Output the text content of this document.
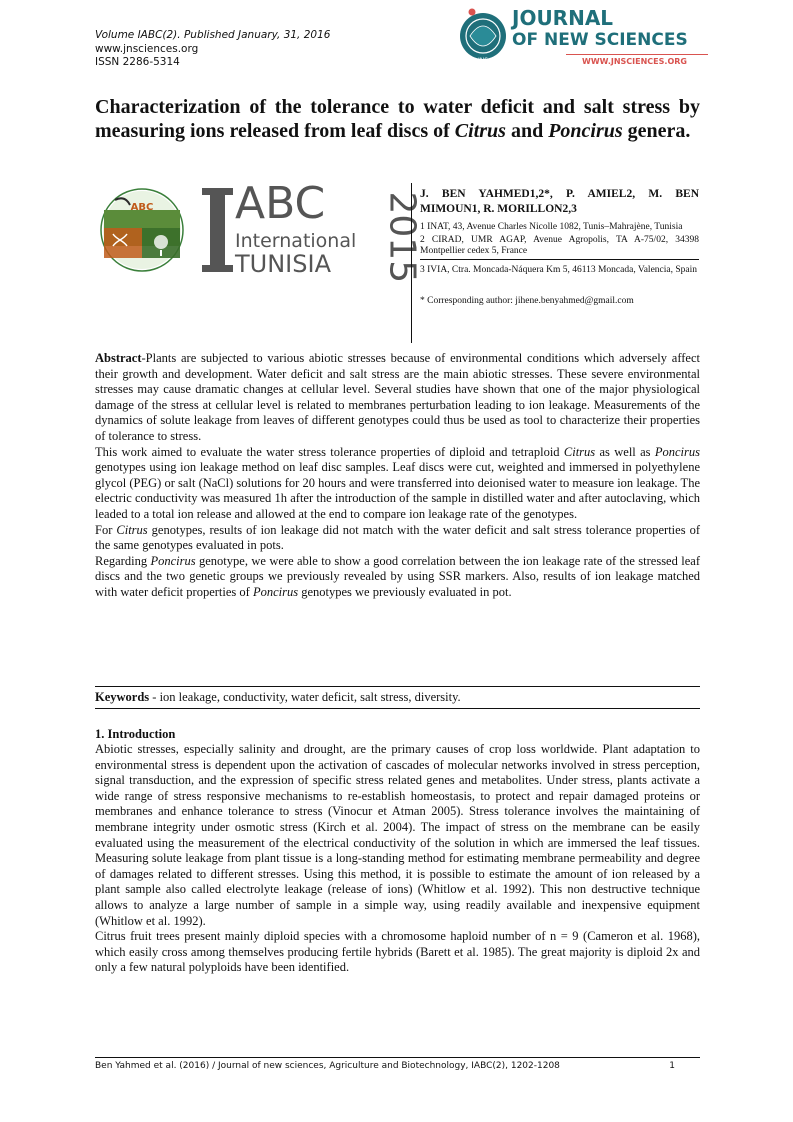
Volume IABC(2). Published January, 31, 2016
www.jnsciences.org
ISSN 2286-5314	JNS
JOURNAL
OF NEW SCIENCES
WWW.JNSCIENCES.ORG
Characterization of the tolerance to water deficit and salt stress by measuring ions released from leaf discs of Citrus and Poncirus genera.
ABC ABC
International
TUNISIA 2015
J. BEN YAHMED1,2*, P. AMIEL2, M. BEN MIMOUN1, R. MORILLON2,3
1 INAT, 43, Avenue Charles Nicolle 1082, Tunis–Mahrajène, Tunisia
2 CIRAD, UMR AGAP, Avenue Agropolis, TA A-75/02, 34398 Montpellier cedex 5, France
3 IVIA, Ctra. Moncada-Náquera Km 5, 46113 Moncada, Valencia, Spain
* Corresponding author: jihene.benyahmed@gmail.com

Abstract-Plants are subjected to various abiotic stresses because of environmental conditions which adversely affect their growth and development. Water deficit and salt stress are the main abiotic stresses. These severe environmental stresses may cause dramatic changes at cellular level. Several studies have shown that one of the major physiological damage of the stress at cellular level is related to membranes perturbation leading to ion leakage. Measurements of the dynamics of solute leakage from leaves of different genotypes could thus be used as tool to characterize their properties of tolerance to stress.

This work aimed to evaluate the water stress tolerance properties of diploid and tetraploid Citrus as well as Poncirus genotypes using ion leakage method on leaf disc samples. Leaf discs were cut, weighted and immersed in polyethylene glycol (PEG) or salt (NaCl) solutions for 20 hours and were transferred into deionised water to measure ion leakage. The electric conductivity was measured 1h after the introduction of the sample in distilled water and after autoclaving, which leaded to a total ion release and allowed at the end to compare ion leakage rate of the genotypes.

For Citrus genotypes, results of ion leakage did not match with the water deficit and salt stress tolerance properties of the same genotypes evaluated in pots.

Regarding Poncirus genotype, we were able to show a good correlation between the ion leakage rate of the stressed leaf discs and the two genetic groups we previously revealed by using SSR markers. Also, results of ion leakage matched with water deficit properties of Poncirus genotypes we previously evaluated in pot.

Keywords - ion leakage, conductivity, water deficit, salt stress, diversity.
1. Introduction

Abiotic stresses, especially salinity and drought, are the primary causes of crop loss worldwide. Plant adaptation to environmental stress is dependent upon the activation of cascades of molecular networks involved in stress perception, signal transduction, and the expression of specific stress related genes and metabolites. Under stress, plants activate a wide range of stress responsive mechanisms to re-establish homeostasis, to protect and repair damaged proteins or membranes and enhance tolerance to stress (Vinocur et Atman 2005). Stress tolerance involves the maintaining of membrane integrity under osmotic stress (Kirch et al. 2004). The impact of stress on the membrane can be easily evaluated using the measurement of the electrical conductivity of the solution in which are immersed the leaf tissues. Measuring solute leakage from plant tissue is a long-standing method for estimating membrane permeability and degree of damages related to different stresses. Using this method, it is possible to estimate the amount of ion released by a plant sample also called electrolyte leakage (release of ions) (Whitlow et al. 1992). This non destructive technique allows to analyze a large number of sample in a simple way, using readily available and inexpensive equipment (Whitlow et al. 1992).

Citrus fruit trees present mainly diploid species with a chromosome haploid number of n = 9 (Cameron et al. 1968), which easily cross among themselves producing fertile hybrids (Barett et al. 1985). The great majority is diploid 2x and only a few natural polyploids have been identified.

Ben Yahmed et al. (2016) / Journal of new sciences, Agriculture and Biotechnology, IABC(2), 1202-1208	1
